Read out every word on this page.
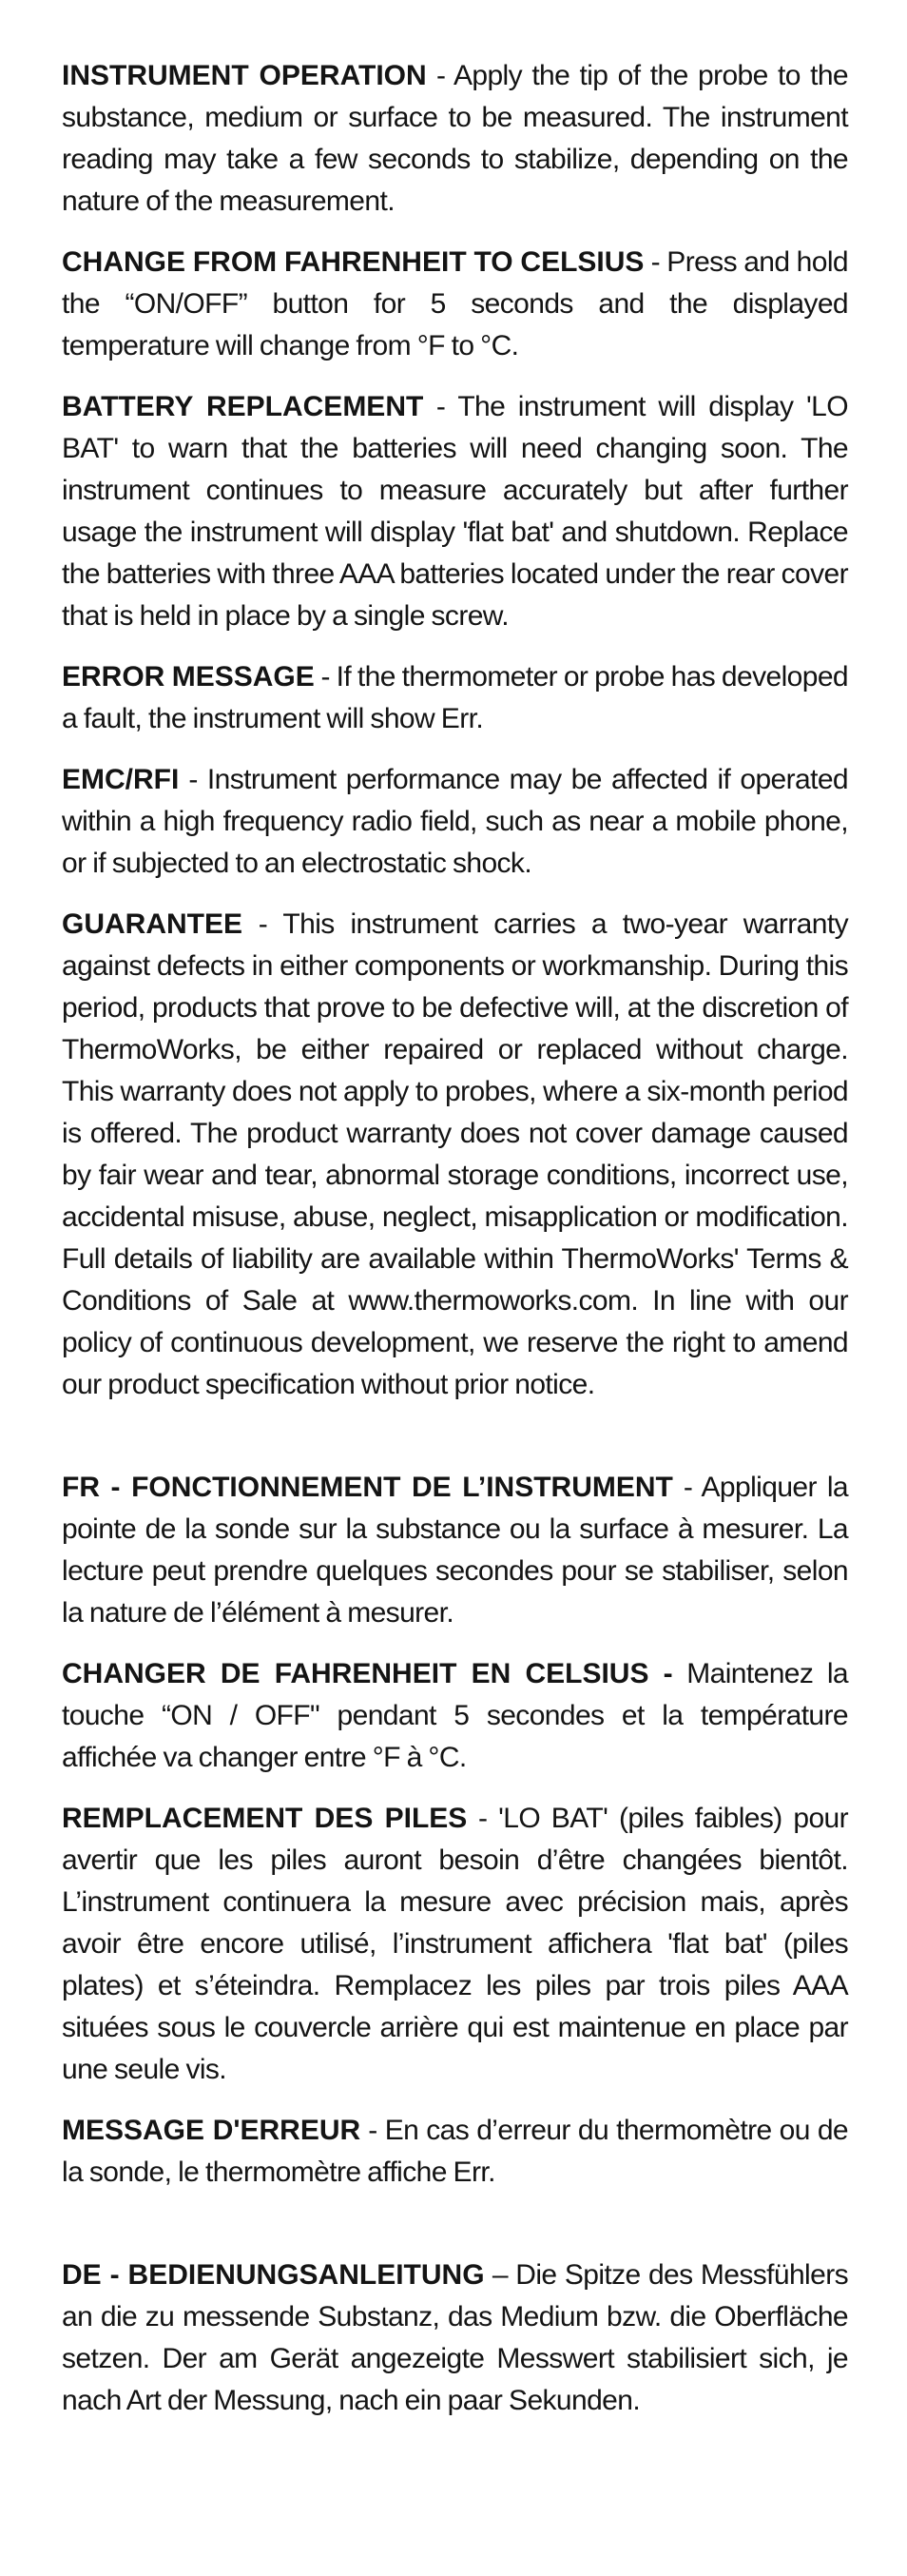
INSTRUMENT OPERATION - Apply the tip of the probe to the substance, medium or surface to be measured. The instrument reading may take a few seconds to stabilize, depending on the nature of the measurement.

CHANGE FROM FAHRENHEIT TO CELSIUS - Press and hold the “ON/OFF” button for 5 seconds and the displayed temperature will change from °F to °C.

BATTERY REPLACEMENT - The instrument will display 'LO BAT' to warn that the batteries will need changing soon. The instrument continues to measure accurately but after further usage the instrument will display 'flat bat' and shutdown. Replace the batteries with three AAA batteries located under the rear cover that is held in place by a single screw.

ERROR MESSAGE - If the thermometer or probe has developed a fault, the instrument will show Err.

EMC/RFI - Instrument performance may be affected if operated within a high frequency radio field, such as near a mobile phone, or if subjected to an electrostatic shock.

GUARANTEE - This instrument carries a two-year warranty against defects in either components or workmanship. During this period, products that prove to be defective will, at the discretion of ThermoWorks, be either repaired or replaced without charge. This warranty does not apply to probes, where a six-month period is offered. The product warranty does not cover damage caused by fair wear and tear, abnormal storage conditions, incorrect use, accidental misuse, abuse, neglect, misapplication or modification. Full details of liability are available within ThermoWorks' Terms & Conditions of Sale at www.thermoworks.com. In line with our policy of continuous development, we reserve the right to amend our product specification without prior notice.

FR - FONCTIONNEMENT DE L’INSTRUMENT - Appliquer la pointe de la sonde sur la substance ou la surface à mesurer. La lecture peut prendre quelques secondes pour se stabiliser, selon la nature de l’élément à mesurer.

CHANGER DE FAHRENHEIT EN CELSIUS - Maintenez la touche “ON / OFF" pendant 5 secondes et la température affichée va changer entre °F à °C.

REMPLACEMENT DES PILES - 'LO BAT' (piles faibles) pour avertir que les piles auront besoin d’être changées bientôt. L’instrument continuera la mesure avec précision mais, après avoir être encore utilisé, l’instrument affichera 'flat bat' (piles plates) et s’éteindra. Remplacez les piles par trois piles AAA situées sous le couvercle arrière qui est maintenue en place par une seule vis.

MESSAGE D'ERREUR - En cas d’erreur du thermomètre ou de la sonde, le thermomètre affiche Err.

DE - BEDIENUNGSANLEITUNG – Die Spitze des Messfühlers an die zu messende Substanz, das Medium bzw. die Oberfläche setzen. Der am Gerät angezeigte Messwert stabilisiert sich, je nach Art der Messung, nach ein paar Sekunden.
